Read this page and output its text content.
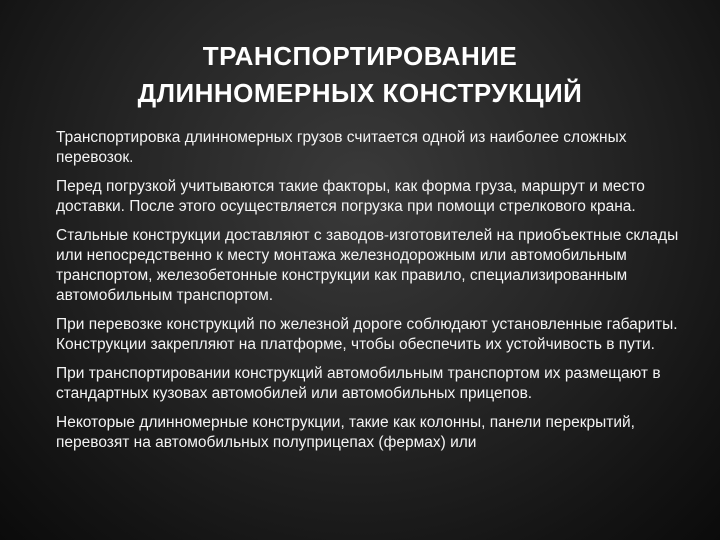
ТРАНСПОРТИРОВАНИЕ
ДЛИННОМЕРНЫХ КОНСТРУКЦИЙ

Транспортировка длинномерных грузов считается одной из наиболее сложных перевозок.

Перед погрузкой учитываются такие факторы, как форма груза, маршрут и место доставки. После этого осуществляется погрузка при помощи стрелкового крана.

Стальные конструкции доставляют с заводов-изготовителей на приобъектные склады или непосредственно к месту монтажа железнодорожным или автомобильным транспортом, железобетонные конструкции как правило, специализированным автомобильным транспортом.

При перевозке конструкций по железной дороге соблюдают установленные габариты. Конструкции закрепляют на платформе, чтобы обеспечить их устойчивость в пути.

При транспортировании конструкций автомобильным транспортом их размещают в стандартных кузовах автомобилей или автомобильных прицепов.

Некоторые длинномерные конструкции, такие как колонны, панели перекрытий, перевозят на автомобильных полуприцепах (фермах) или
